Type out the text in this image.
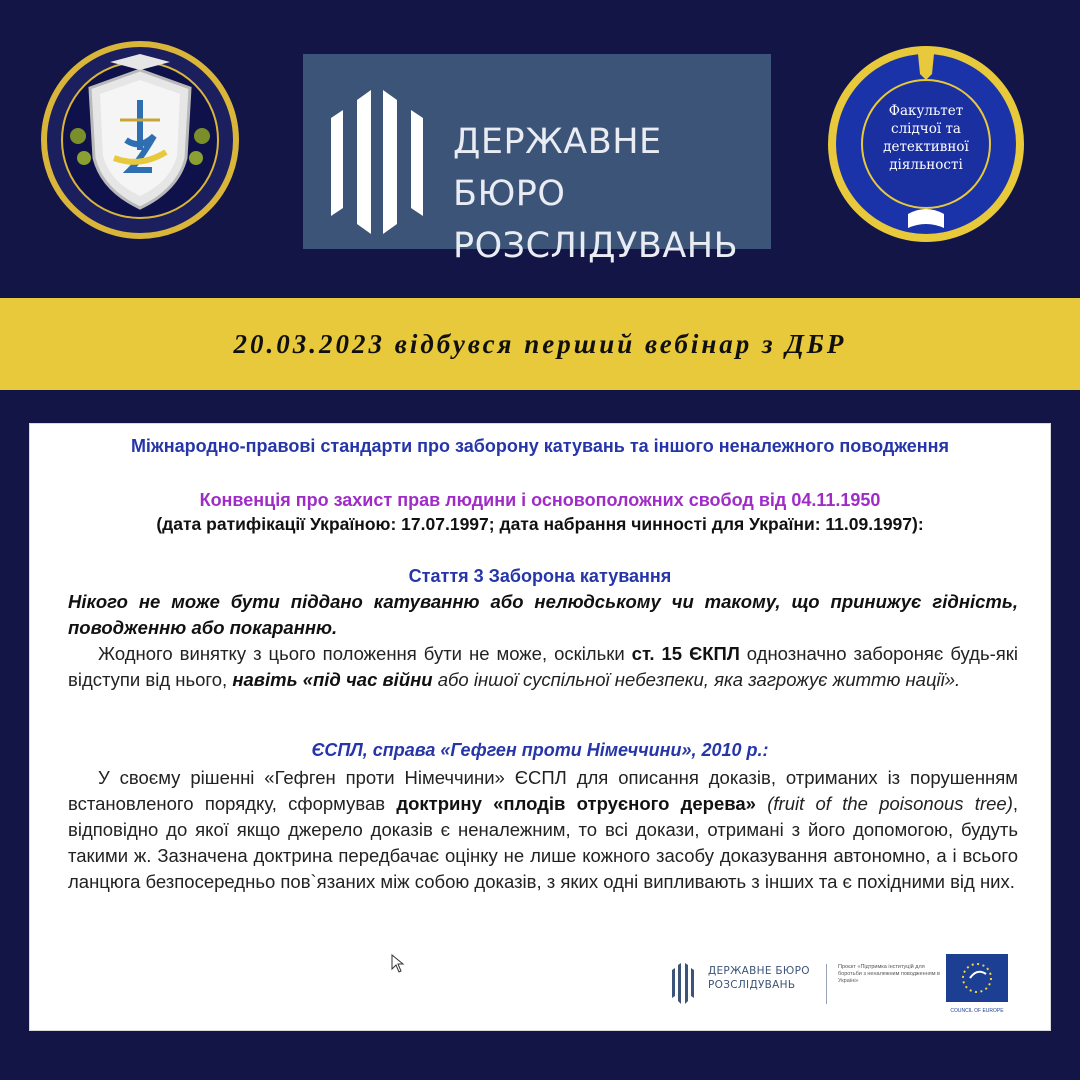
ДЕРЖАВНЕ БЮРО
РОЗСЛІДУВАНЬ
Факультет
слідчої та
детективної
діяльності
20.03.2023 відбувся перший вебінар з ДБР
Міжнародно-правові стандарти про заборону катувань та іншого неналежного поводження
Конвенція про захист прав людини і основоположних свобод від 04.11.1950
(дата ратифікації Україною: 17.07.1997; дата набрання чинності для України: 11.09.1997):
Стаття 3 Заборона катування
Нікого не може бути піддано катуванню або нелюдському чи такому, що принижує гідність, поводженню або покаранню.
Жодного винятку з цього положення бути не може, оскільки ст. 15 ЄКПЛ однозначно забороняє будь-які відступи від нього, навіть «під час війни або іншої суспільної небезпеки, яка загрожує життю нації».
ЄСПЛ, справа «Гефген проти Німеччини», 2010 р.:
У своєму рішенні «Гефген проти Німеччини» ЄСПЛ для описання доказів, отриманих із порушенням встановленого порядку, сформував доктрину «плодів отруєного дерева» (fruit of the poisonous tree), відповідно до якої якщо джерело доказів є неналежним, то всі докази, отримані з його допомогою, будуть такими ж. Зазначена доктрина передбачає оцінку не лише кожного засобу доказування автономно, а і всього ланцюга безпосередньо пов`язаних між собою доказів, з яких одні випливають з інших та є похідними від них.
ДЕРЖАВНЕ БЮРО
РОЗСЛІДУВАНЬ
Проєкт «Підтримка інституцій для боротьби з неналежним поводженням в Україні»
COUNCIL OF EUROPE
